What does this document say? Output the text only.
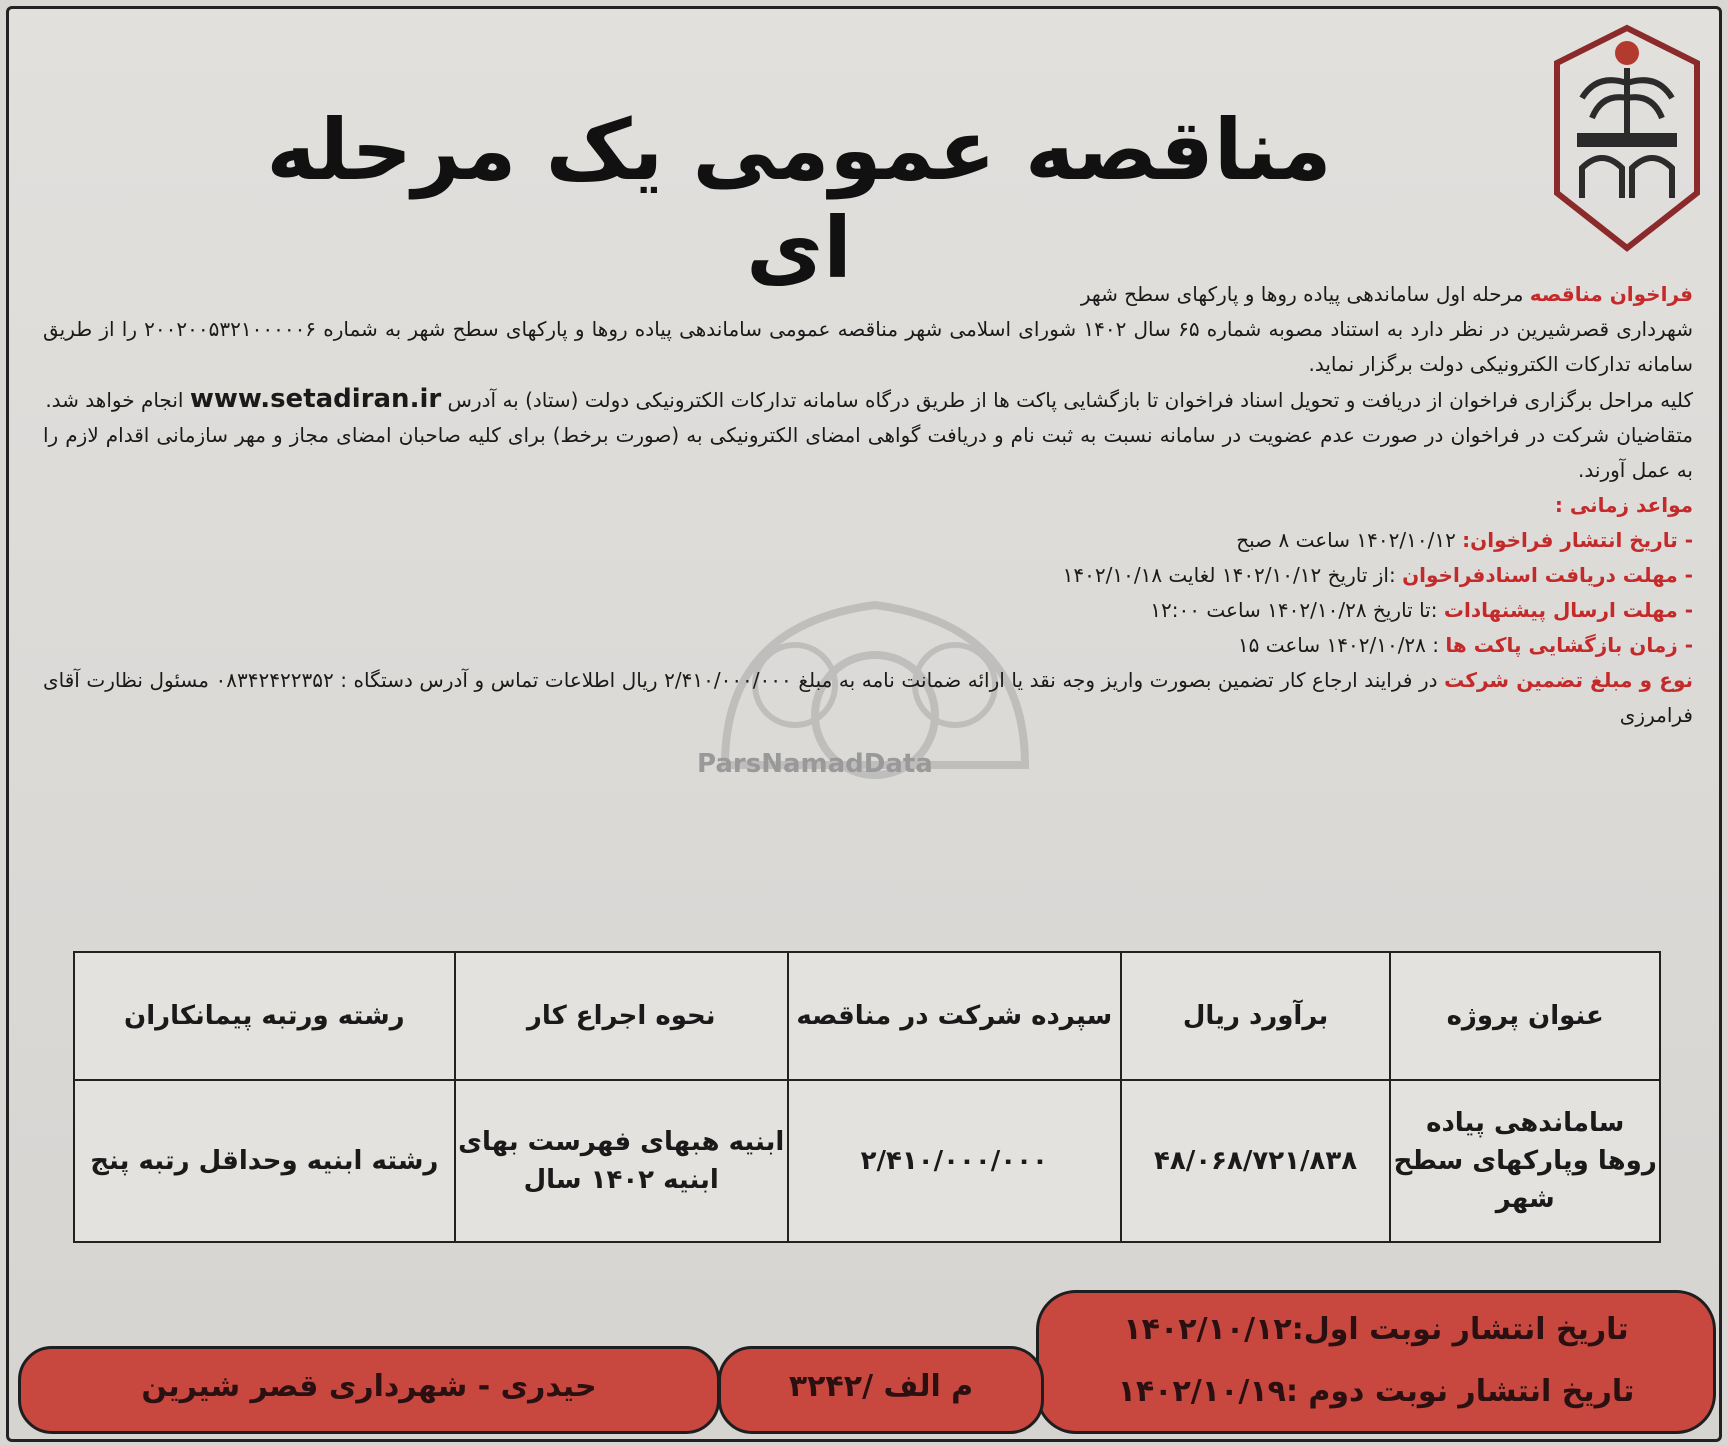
مناقصه عمومی یک مرحله ای
ParsNamadData

فراخوان مناقصه مرحله اول ساماندهی پیاده روها و پارکهای سطح شهر

شهرداری قصرشیرین در نظر دارد به استناد مصوبه شماره ۶۵ سال ۱۴۰۲ شورای اسلامی شهر مناقصه عمومی ساماندهی پیاده روها و پارکهای سطح شهر به شماره ۲۰۰۲۰۰۵۳۲۱۰۰۰۰۰۶ را از طریق سامانه تدارکات الکترونیکی دولت برگزار نماید.

کلیه مراحل برگزاری فراخوان از دریافت و تحویل اسناد فراخوان تا بازگشایی پاکت ها از طریق درگاه سامانه تدارکات الکترونیکی دولت (ستاد) به آدرس www.setadiran.ir انجام خواهد شد.

متقاضیان شرکت در فراخوان در صورت عدم عضویت در سامانه نسبت به ثبت نام و دریافت گواهی امضای الکترونیکی به (صورت برخط) برای کلیه صاحبان امضای مجاز و مهر سازمانی اقدام لازم را به عمل آورند.

مواعد زمانی :

- تاریخ انتشار فراخوان: ۱۴۰۲/۱۰/۱۲ ساعت ۸ صبح

- مهلت دریافت اسنادفراخوان :از تاریخ ۱۴۰۲/۱۰/۱۲ لغایت ۱۴۰۲/۱۰/۱۸

- مهلت ارسال پیشنهادات :تا تاریخ ۱۴۰۲/۱۰/۲۸ ساعت ۱۲:۰۰

- زمان بازگشایی پاکت ها : ۱۴۰۲/۱۰/۲۸ ساعت ۱۵

نوع و مبلغ تضمین شرکت در فرایند ارجاع کار تضمین بصورت واریز وجه نقد یا ارائه ضمانت نامه به مبلغ ۲/۴۱۰/۰۰۰/۰۰۰ ریال اطلاعات تماس و آدرس دستگاه : ۰۸۳۴۲۴۲۲۳۵۲ مسئول نظارت آقای فرامرزی

عنوان پروژه	برآورد ریال	سپرده شرکت در مناقصه	نحوه اجراع کار	رشته ورتبه پیمانکاران
ساماندهی پیاده روها وپارکهای سطح شهر	۴۸/۰۶۸/۷۲۱/۸۳۸	۲/۴۱۰/۰۰۰/۰۰۰	ابنیه هبهای فهرست بهای ابنیه ۱۴۰۲ سال	رشته ابنیه وحداقل رتبه پنج
تاریخ انتشار نوبت اول:۱۴۰۲/۱۰/۱۲
تاریخ انتشار نوبت دوم :۱۴۰۲/۱۰/۱۹
م الف /۳۲۴۲
حیدری - شهرداری قصر شیرین
